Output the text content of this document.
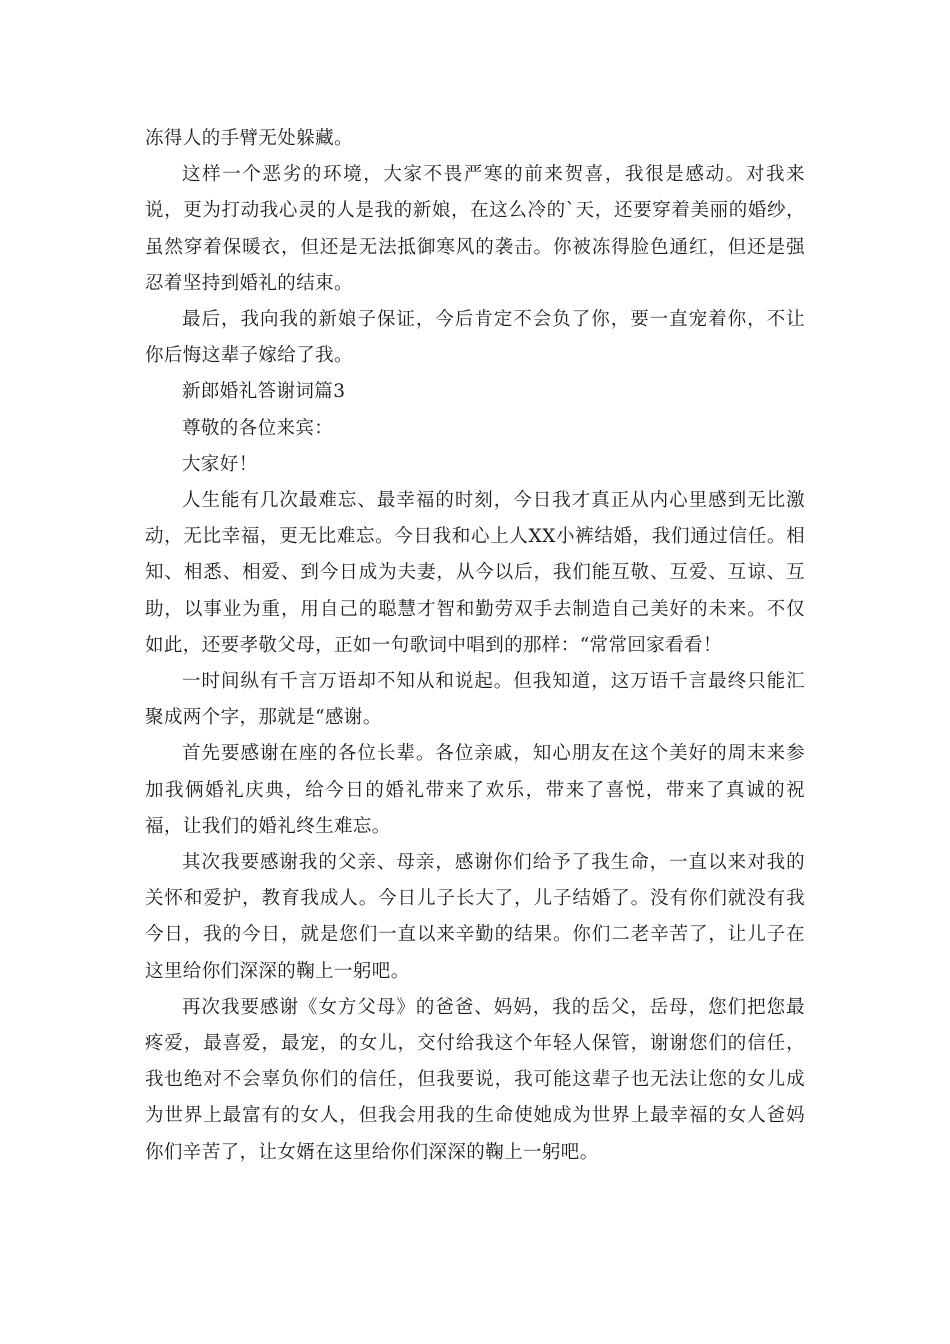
冻得人的手臂无处躲藏。

这样一个恶劣的环境，大家不畏严寒的前来贺喜，我很是感动。对我来说，更为打动我心灵的人是我的新娘，在这么冷的`天，还要穿着美丽的婚纱，虽然穿着保暖衣，但还是无法抵御寒风的袭击。你被冻得脸色通红，但还是强忍着坚持到婚礼的结束。

最后，我向我的新娘子保证，今后肯定不会负了你，要一直宠着你，不让你后悔这辈子嫁给了我。

新郎婚礼答谢词篇3

尊敬的各位来宾：

大家好！

人生能有几次最难忘、最幸福的时刻，今日我才真正从内心里感到无比激动，无比幸福，更无比难忘。今日我和心上人XX小裤结婚，我们通过信任。相知、相悉、相爱、到今日成为夫妻，从今以后，我们能互敬、互爱、互谅、互助，以事业为重，用自己的聪慧才智和勤劳双手去制造自己美好的未来。不仅如此，还要孝敬父母，正如一句歌词中唱到的那样：“常常回家看看！

一时间纵有千言万语却不知从和说起。但我知道，这万语千言最终只能汇聚成两个字，那就是“感谢。

首先要感谢在座的各位长辈。各位亲戚，知心朋友在这个美好的周末来参加我俩婚礼庆典，给今日的婚礼带来了欢乐，带来了喜悦，带来了真诚的祝福，让我们的婚礼终生难忘。

其次我要感谢我的父亲、母亲，感谢你们给予了我生命，一直以来对我的关怀和爱护，教育我成人。今日儿子长大了，儿子结婚了。没有你们就没有我今日，我的今日，就是您们一直以来辛勤的结果。你们二老辛苦了，让儿子在这里给你们深深的鞠上一躬吧。

再次我要感谢《女方父母》的爸爸、妈妈，我的岳父，岳母，您们把您最疼爱，最喜爱，最宠，的女儿，交付给我这个年轻人保管，谢谢您们的信任，我也绝对不会辜负你们的信任，但我要说，我可能这辈子也无法让您的女儿成为世界上最富有的女人，但我会用我的生命使她成为世界上最幸福的女人爸妈你们辛苦了，让女婿在这里给你们深深的鞠上一躬吧。
